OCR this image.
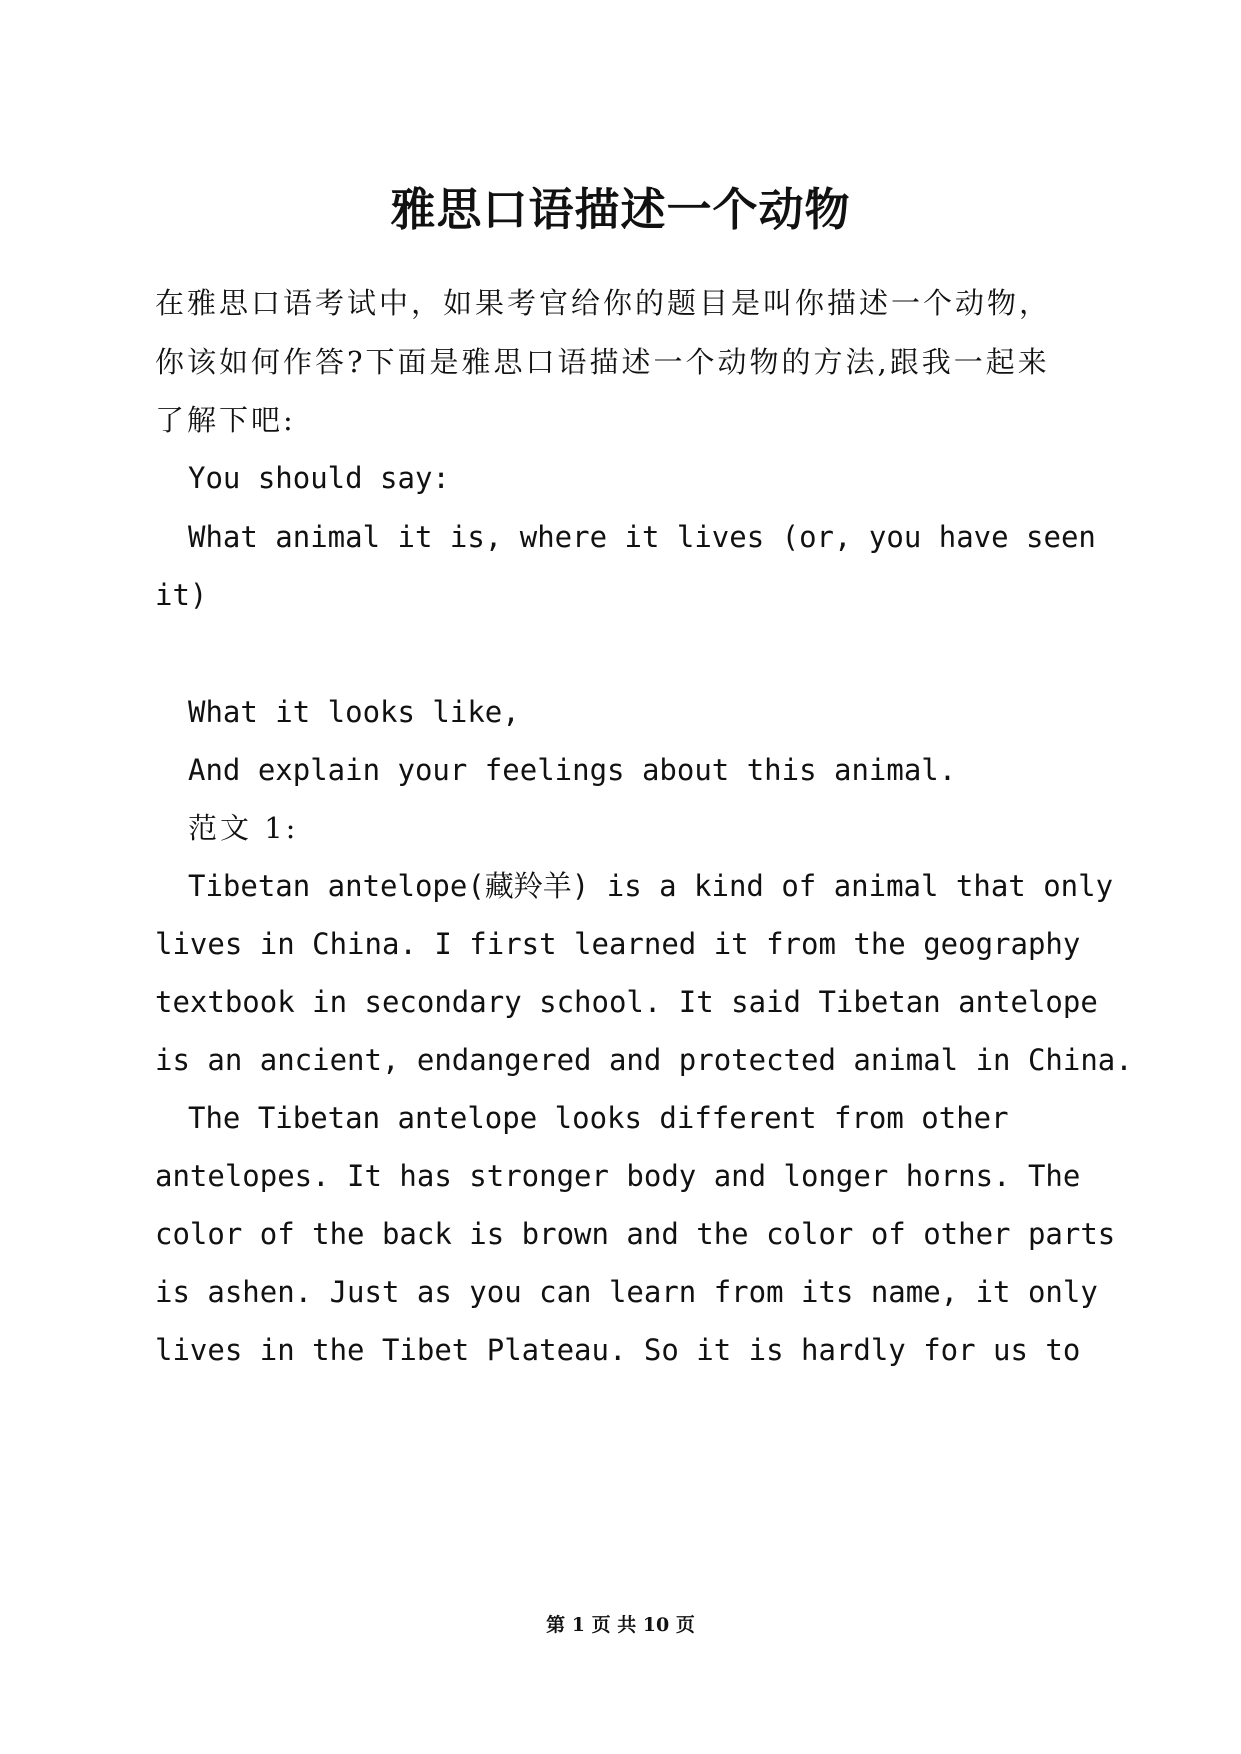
雅思口语描述一个动物

在雅思口语考试中，如果考官给你的题目是叫你描述一个动物，

你该如何作答?下面是雅思口语描述一个动物的方法,跟我一起来

了解下吧:

You should say:

What animal it is, where it lives (or, you have seen

it)

What it looks like,

And explain your feelings about this animal.

范文 1:

Tibetan antelope(藏羚羊) is a kind of animal that only

lives in China. I first learned it from the geography

textbook in secondary school. It said Tibetan antelope

is an ancient, endangered and protected animal in China.

The Tibetan antelope looks different from other

antelopes. It has stronger body and longer horns. The

color of the back is brown and the color of other parts

is ashen. Just as you can learn from its name, it only

lives in the Tibet Plateau. So it is hardly for us to

第 1 页 共 10 页
